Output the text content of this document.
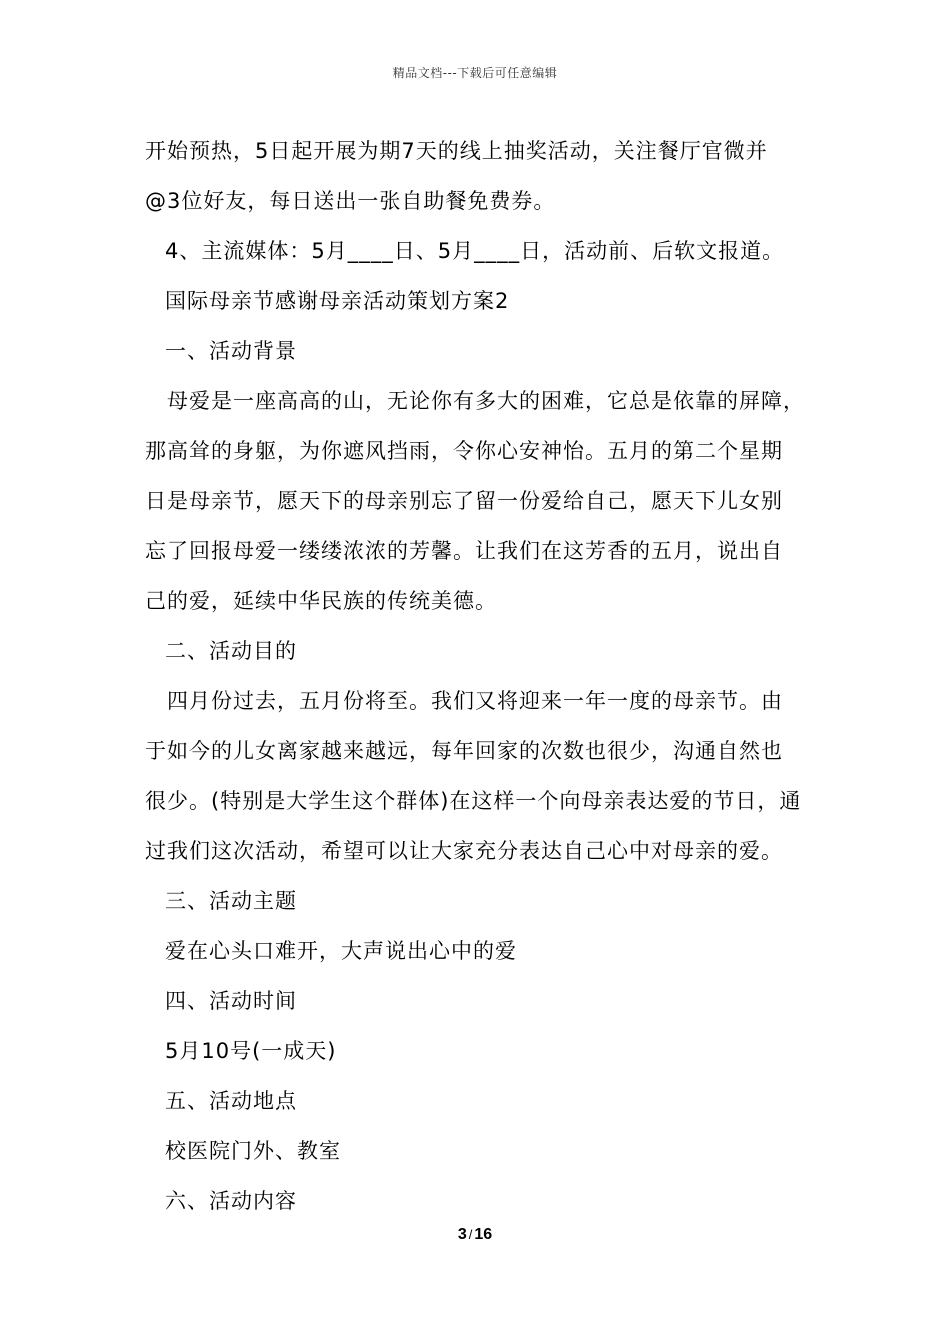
精品文档---下载后可任意编辑
开始预热，5日起开展为期7天的线上抽奖活动，关注餐厅官微并
@3位好友，每日送出一张自助餐免费券。
4、主流媒体：5月____日、5月____日，活动前、后软文报道。
国际母亲节感谢母亲活动策划方案2
一、活动背景
母爱是一座高高的山，无论你有多大的困难，它总是依靠的屏障，
那高耸的身躯，为你遮风挡雨，令你心安神怡。五月的第二个星期
日是母亲节，愿天下的母亲别忘了留一份爱给自己，愿天下儿女别
忘了回报母爱一缕缕浓浓的芳馨。让我们在这芳香的五月，说出自
己的爱，延续中华民族的传统美德。
二、活动目的
四月份过去，五月份将至。我们又将迎来一年一度的母亲节。由
于如今的儿女离家越来越远，每年回家的次数也很少，沟通自然也
很少。(特别是大学生这个群体)在这样一个向母亲表达爱的节日，通
过我们这次活动，希望可以让大家充分表达自己心中对母亲的爱。
三、活动主题
爱在心头口难开，大声说出心中的爱
四、活动时间
5月10号(一成天)
五、活动地点
校医院门外、教室
六、活动内容
3 / 16
